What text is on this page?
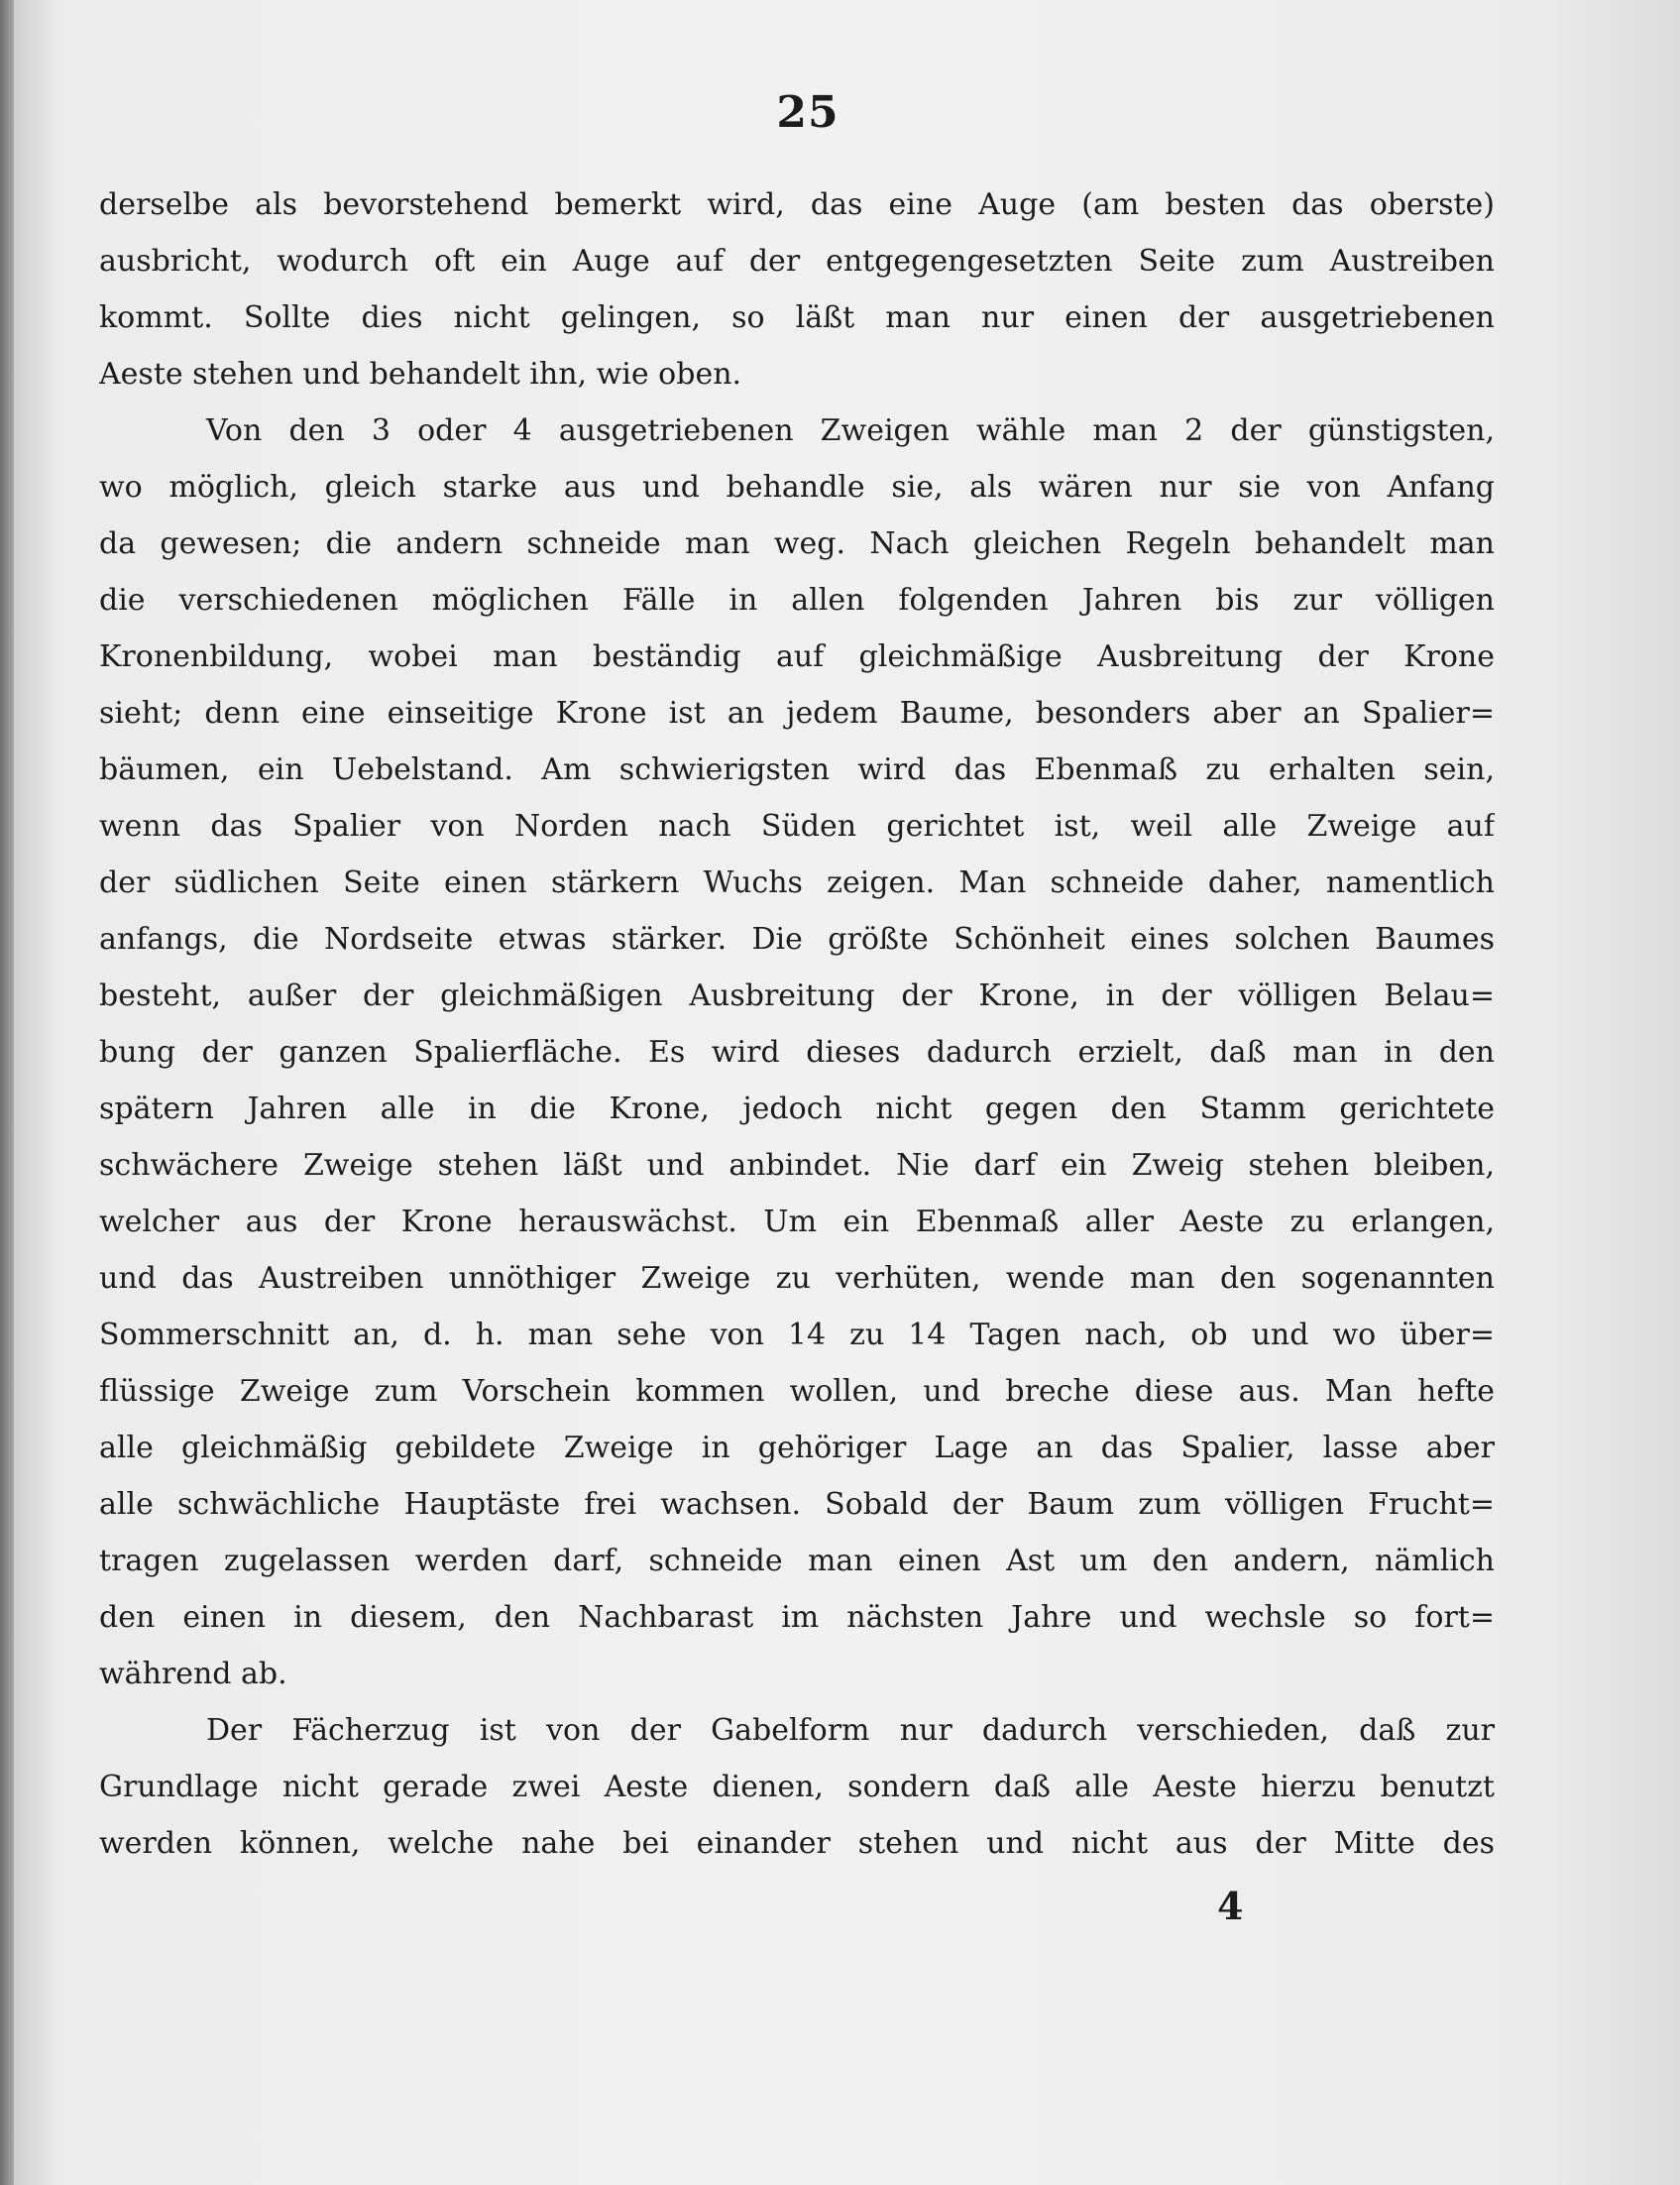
25
derselbe als bevorstehend bemerkt wird, das eine Auge (am besten das oberste)
ausbricht, wodurch oft ein Auge auf der entgegengesetzten Seite zum Austreiben
kommt. Sollte dies nicht gelingen, so läßt man nur einen der ausgetriebenen
Aeste stehen und behandelt ihn, wie oben.
Von den 3 oder 4 ausgetriebenen Zweigen wähle man 2 der günstigsten,
wo möglich, gleich starke aus und behandle sie, als wären nur sie von Anfang
da gewesen; die andern schneide man weg. Nach gleichen Regeln behandelt man
die verschiedenen möglichen Fälle in allen folgenden Jahren bis zur völligen
Kronenbildung, wobei man beständig auf gleichmäßige Ausbreitung der Krone
sieht; denn eine einseitige Krone ist an jedem Baume, besonders aber an Spalier=
bäumen, ein Uebelstand. Am schwierigsten wird das Ebenmaß zu erhalten sein,
wenn das Spalier von Norden nach Süden gerichtet ist, weil alle Zweige auf
der südlichen Seite einen stärkern Wuchs zeigen. Man schneide daher, namentlich
anfangs, die Nordseite etwas stärker. Die größte Schönheit eines solchen Baumes
besteht, außer der gleichmäßigen Ausbreitung der Krone, in der völligen Belau=
bung der ganzen Spalierfläche. Es wird dieses dadurch erzielt, daß man in den
spätern Jahren alle in die Krone, jedoch nicht gegen den Stamm gerichtete
schwächere Zweige stehen läßt und anbindet. Nie darf ein Zweig stehen bleiben,
welcher aus der Krone herauswächst. Um ein Ebenmaß aller Aeste zu erlangen,
und das Austreiben unnöthiger Zweige zu verhüten, wende man den sogenannten
Sommerschnitt an, d. h. man sehe von 14 zu 14 Tagen nach, ob und wo über=
flüssige Zweige zum Vorschein kommen wollen, und breche diese aus. Man hefte
alle gleichmäßig gebildete Zweige in gehöriger Lage an das Spalier, lasse aber
alle schwächliche Hauptäste frei wachsen. Sobald der Baum zum völligen Frucht=
tragen zugelassen werden darf, schneide man einen Ast um den andern, nämlich
den einen in diesem, den Nachbarast im nächsten Jahre und wechsle so fort=
während ab.
Der Fächerzug ist von der Gabelform nur dadurch verschieden, daß zur
Grundlage nicht gerade zwei Aeste dienen, sondern daß alle Aeste hierzu benutzt
werden können, welche nahe bei einander stehen und nicht aus der Mitte des
4
